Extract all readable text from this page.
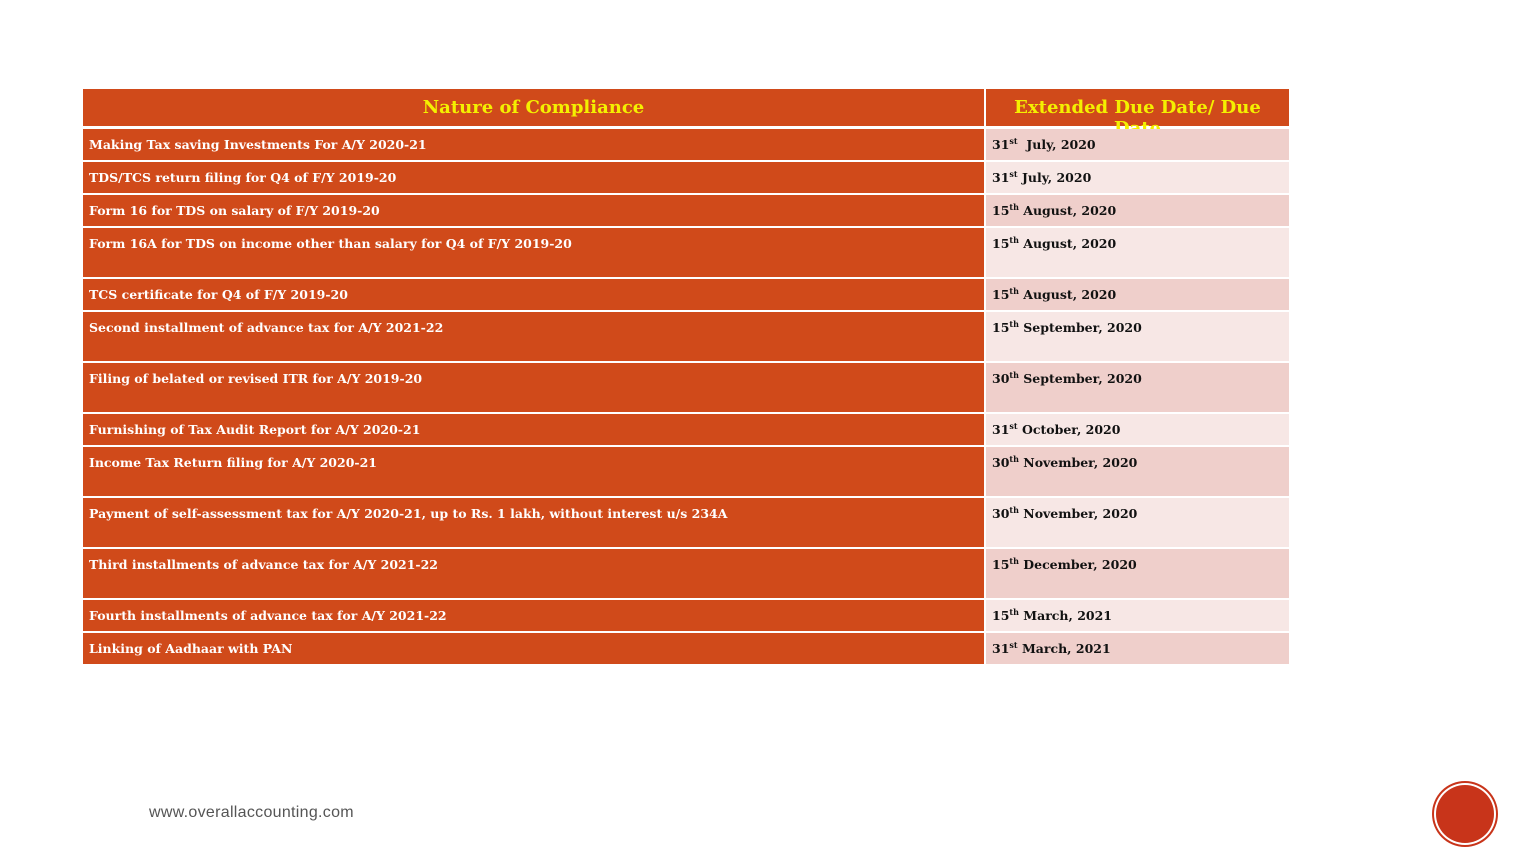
Nature of Compliance	Extended Due Date/ Due
Making Tax saving Investments For A/Y 2020-21	31st  July, 2020
TDS/TCS return filing for Q4 of F/Y 2019-20	31st July, 2020
Form 16 for TDS on salary of F/Y 2019-20	15th August, 2020
Form 16A for TDS on income other than salary for Q4 of F/Y 2019-20	15th August, 2020
TCS certificate for Q4 of F/Y 2019-20	15th August, 2020
Second installment of advance tax for A/Y 2021-22	15th September, 2020
Filing of belated or revised ITR for A/Y 2019-20	30th September, 2020
Furnishing of Tax Audit Report for A/Y 2020-21	31st October, 2020
Income Tax Return filing for A/Y 2020-21	30th November, 2020
Payment of self-assessment tax for A/Y 2020-21, up to Rs. 1 lakh, without interest u/s 234A	30th November, 2020
Third installments of advance tax for A/Y 2021-22	15th December, 2020
Fourth installments of advance tax for A/Y 2021-22	15th March, 2021
Linking of Aadhaar with PAN	31st March, 2021
www.overallaccounting.com
